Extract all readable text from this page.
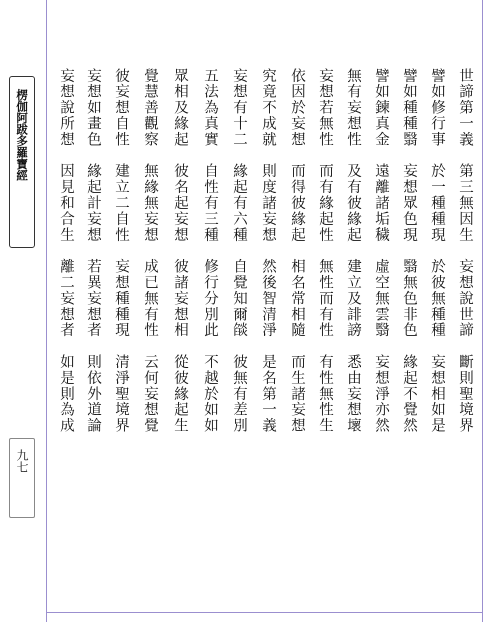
楞伽阿跋多羅寶經
九七
世諦第一義　第三無因生　妄想說世諦　斷則聖境界
譬如修行事　於一種種現　於彼無種種　妄想相如是
譬如種種翳　妄想眾色現　翳無色非色　緣起不覺然
譬如鍊真金　遠離諸垢穢　虛空無雲翳　妄想淨亦然
無有妄想性　及有彼緣起　建立及誹謗　悉由妄想壞
妄想若無性　而有緣起性　無性而有性　有性無性生
依因於妄想　而得彼緣起　相名常相隨　而生諸妄想
究竟不成就　則度諸妄想　然後智清淨　是名第一義
妄想有十二　緣起有六種　自覺知爾燄　彼無有差別
五法為真實　自性有三種　修行分別此　不越於如如
眾相及緣起　彼名起妄想　彼諸妄想相　從彼緣起生
覺慧善觀察　無緣無妄想　成已無有性　云何妄想覺
彼妄想自性　建立二自性　妄想種種現　清淨聖境界
妄想如畫色　緣起計妄想　若異妄想者　則依外道論
妄想說所想　因見和合生　離二妄想者　如是則為成
